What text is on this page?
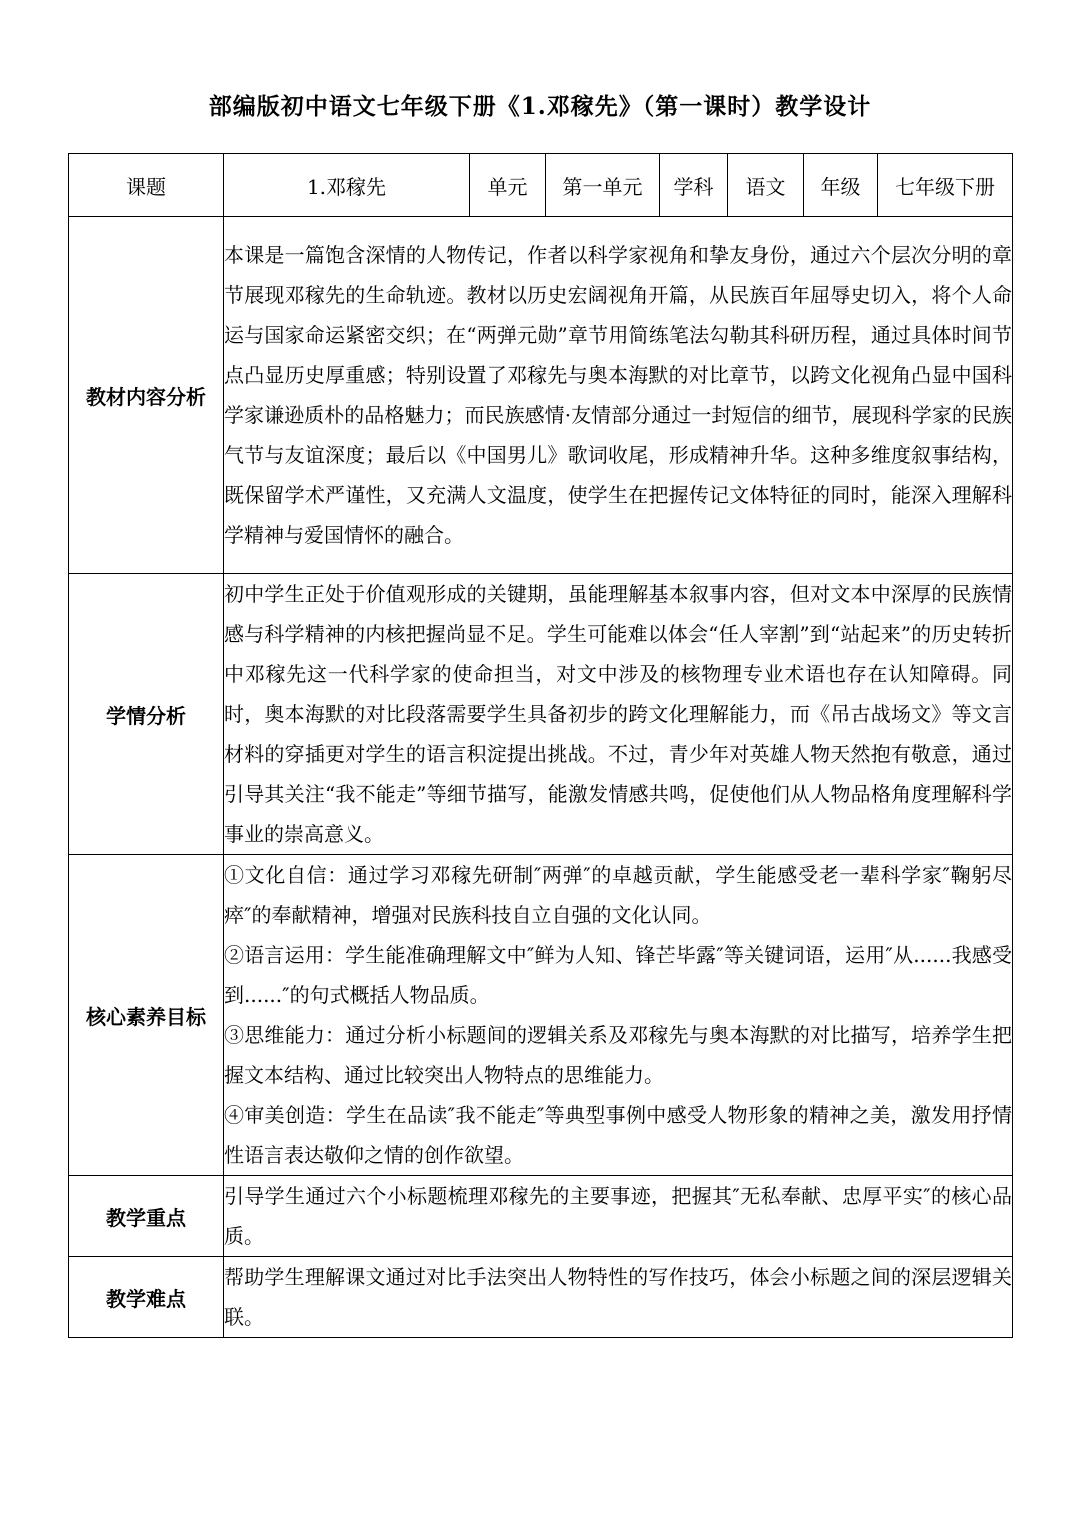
部编版初中语文七年级下册《1.邓稼先》（第一课时）教学设计
课题	1.邓稼先	单元	第一单元	学科	语文	年级	七年级下册
教材内容分析	本课是一篇饱含深情的人物传记，作者以科学家视角和挚友身份，通过六个层次分明的章节展现邓稼先的生命轨迹。教材以历史宏阔视角开篇，从民族百年屈辱史切入，将个人命运与国家命运紧密交织；在“两弹元勋”章节用简练笔法勾勒其科研历程，通过具体时间节点凸显历史厚重感；特别设置了邓稼先与奥本海默的对比章节，以跨文化视角凸显中国科学家谦逊质朴的品格魅力；而民族感情·友情部分通过一封短信的细节，展现科学家的民族气节与友谊深度；最后以《中国男儿》歌词收尾，形成精神升华。这种多维度叙事结构，既保留学术严谨性，又充满人文温度，使学生在把握传记文体特征的同时，能深入理解科学精神与爱国情怀的融合。						

学情分析	初中学生正处于价值观形成的关键期，虽能理解基本叙事内容，但对文本中深厚的民族情感与科学精神的内核把握尚显不足。学生可能难以体会“任人宰割”到“站起来”的历史转折中邓稼先这一代科学家的使命担当，对文中涉及的核物理专业术语也存在认知障碍。同时，奥本海默的对比段落需要学生具备初步的跨文化理解能力，而《吊古战场文》等文言材料的穿插更对学生的语言积淀提出挑战。不过，青少年对英雄人物天然抱有敬意，通过引导其关注“我不能走”等细节描写，能激发情感共鸣，促使他们从人物品格角度理解科学事业的崇高意义。						

核心素养目标	①文化自信：通过学习邓稼先研制″两弹″的卓越贡献，学生能感受老一辈科学家″鞠躬尽瘁″的奉献精神，增强对民族科技自立自强的文化认同。

②语言运用：学生能准确理解文中″鲜为人知、锋芒毕露″等关键词语，运用″从......我感受到......″的句式概括人物品质。

③思维能力：通过分析小标题间的逻辑关系及邓稼先与奥本海默的对比描写，培养学生把握文本结构、通过比较突出人物特点的思维能力。

④审美创造：学生在品读″我不能走″等典型事例中感受人物形象的精神之美，激发用抒情性语言表达敬仰之情的创作欲望。						

教学重点	引导学生通过六个小标题梳理邓稼先的主要事迹，把握其″无私奉献、忠厚平实″的核心品质。						

教学难点	帮助学生理解课文通过对比手法突出人物特性的写作技巧，体会小标题之间的深层逻辑关联。						
